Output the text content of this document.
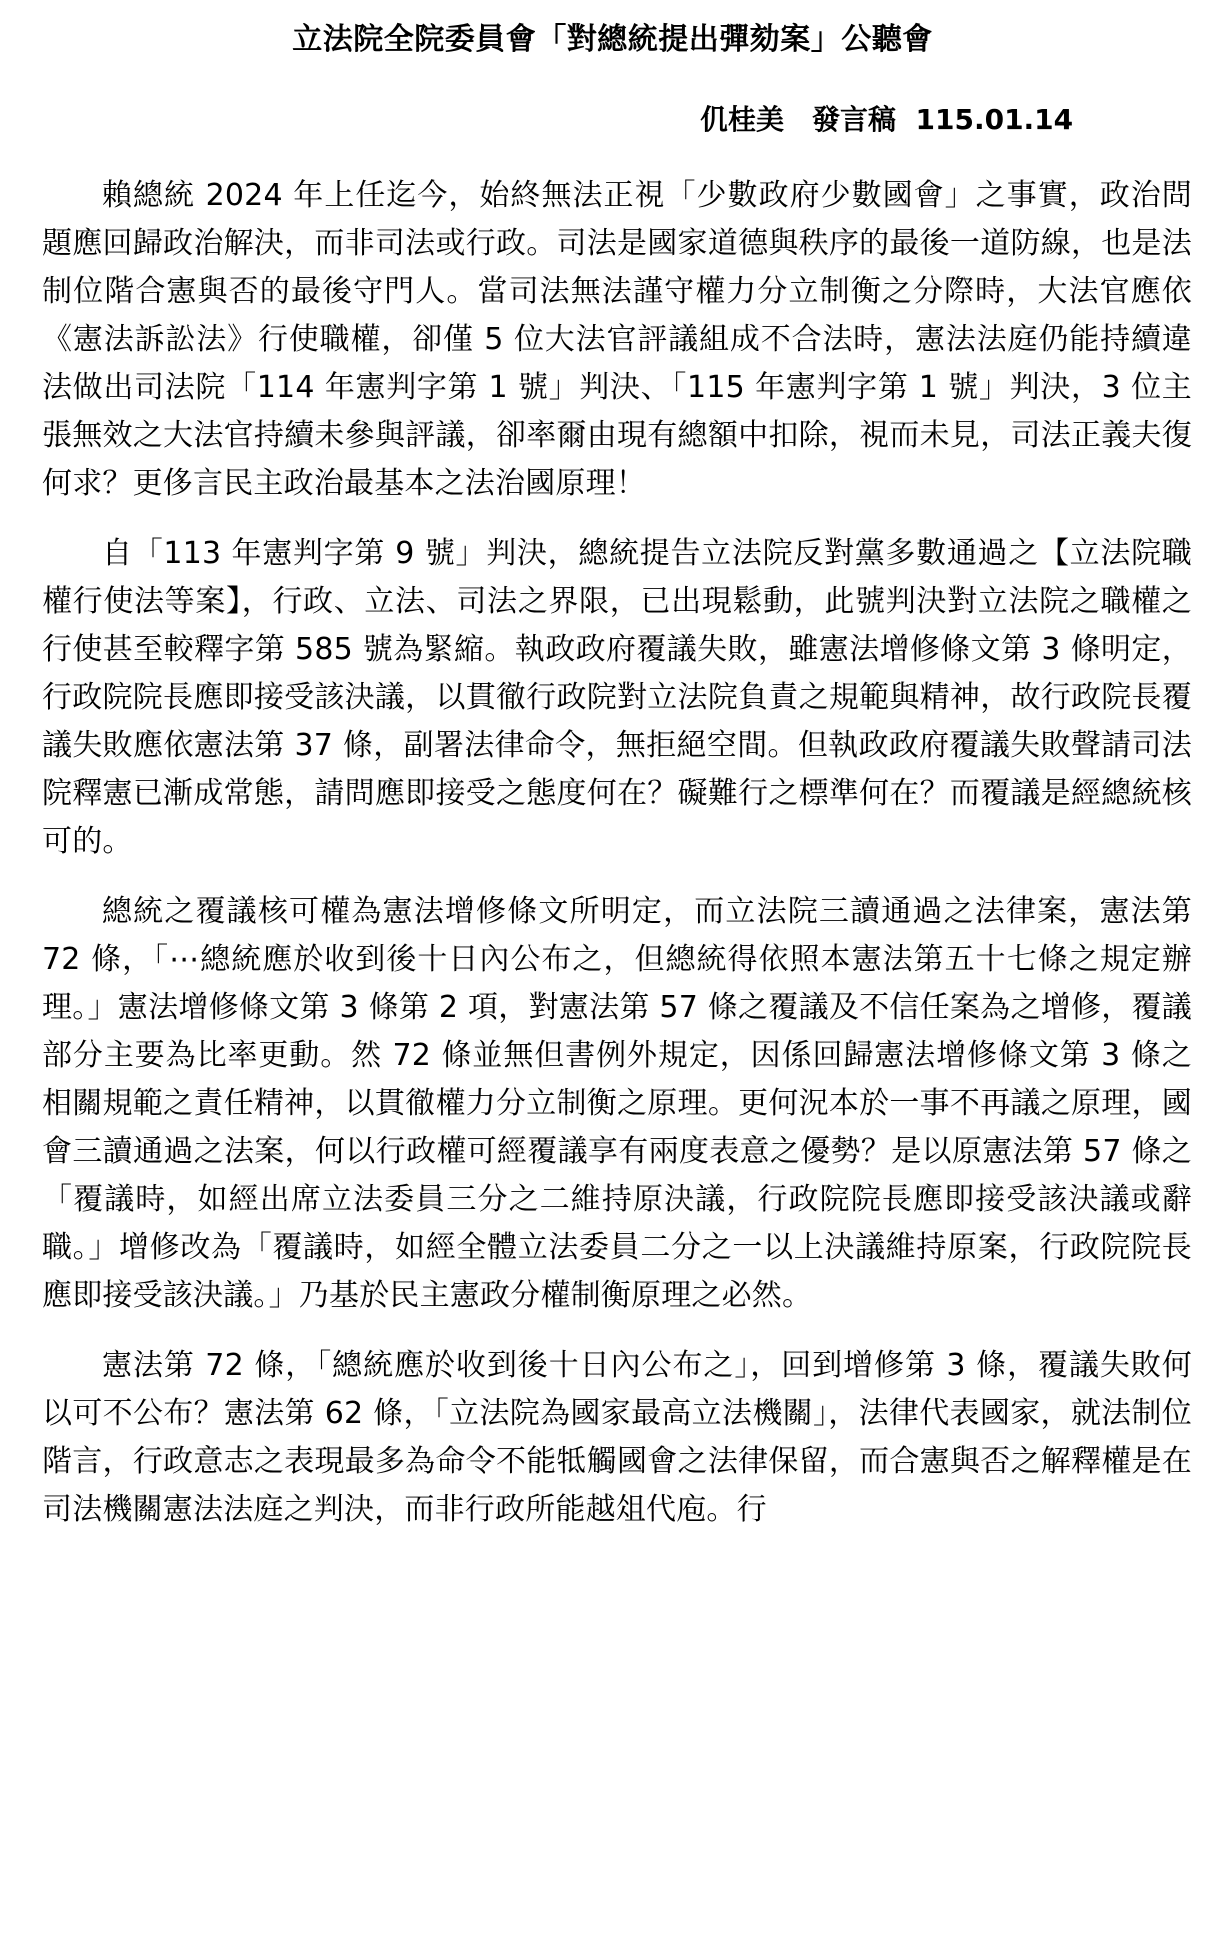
立法院全院委員會「對總統提出彈劾案」公聽會

仉桂美　發言稿  115.01.14

賴總統 2024 年上任迄今，始終無法正視「少數政府少數國會」之事實，政治問題應回歸政治解決，而非司法或行政。司法是國家道德與秩序的最後一道防線，也是法制位階合憲與否的最後守門人。當司法無法謹守權力分立制衡之分際時，大法官應依《憲法訴訟法》行使職權，卻僅 5 位大法官評議組成不合法時，憲法法庭仍能持續違法做出司法院「114 年憲判字第 1 號」判決、「115 年憲判字第 1 號」判決，3 位主張無效之大法官持續未參與評議，卻率爾由現有總額中扣除，視而未見，司法正義夫復何求？更侈言民主政治最基本之法治國原理！

自「113 年憲判字第 9 號」判決，總統提告立法院反對黨多數通過之【立法院職權行使法等案】，行政、立法、司法之界限，已出現鬆動，此號判決對立法院之職權之行使甚至較釋字第 585 號為緊縮。執政政府覆議失敗，雖憲法增修條文第 3 條明定，行政院院長應即接受該決議，以貫徹行政院對立法院負責之規範與精神，故行政院長覆議失敗應依憲法第 37 條，副署法律命令，無拒絕空間。但執政政府覆議失敗聲請司法院釋憲已漸成常態，請問應即接受之態度何在？礙難行之標準何在？而覆議是經總統核可的。

總統之覆議核可權為憲法增修條文所明定，而立法院三讀通過之法律案，憲法第 72 條，「⋯總統應於收到後十日內公布之，但總統得依照本憲法第五十七條之規定辦理。」憲法增修條文第 3 條第 2 項，對憲法第 57 條之覆議及不信任案為之增修，覆議部分主要為比率更動。然 72 條並無但書例外規定，因係回歸憲法增修條文第 3 條之相關規範之責任精神，以貫徹權力分立制衡之原理。更何況本於一事不再議之原理，國會三讀通過之法案，何以行政權可經覆議享有兩度表意之優勢？是以原憲法第 57 條之「覆議時，如經出席立法委員三分之二維持原決議，行政院院長應即接受該決議或辭職。」增修改為「覆議時，如經全體立法委員二分之一以上決議維持原案，行政院院長應即接受該決議。」乃基於民主憲政分權制衡原理之必然。

憲法第 72 條，「總統應於收到後十日內公布之」，回到增修第 3 條，覆議失敗何以可不公布？憲法第 62 條，「立法院為國家最高立法機關」，法律代表國家，就法制位階言，行政意志之表現最多為命令不能牴觸國會之法律保留，而合憲與否之解釋權是在司法機關憲法法庭之判決，而非行政所能越俎代庖。行
